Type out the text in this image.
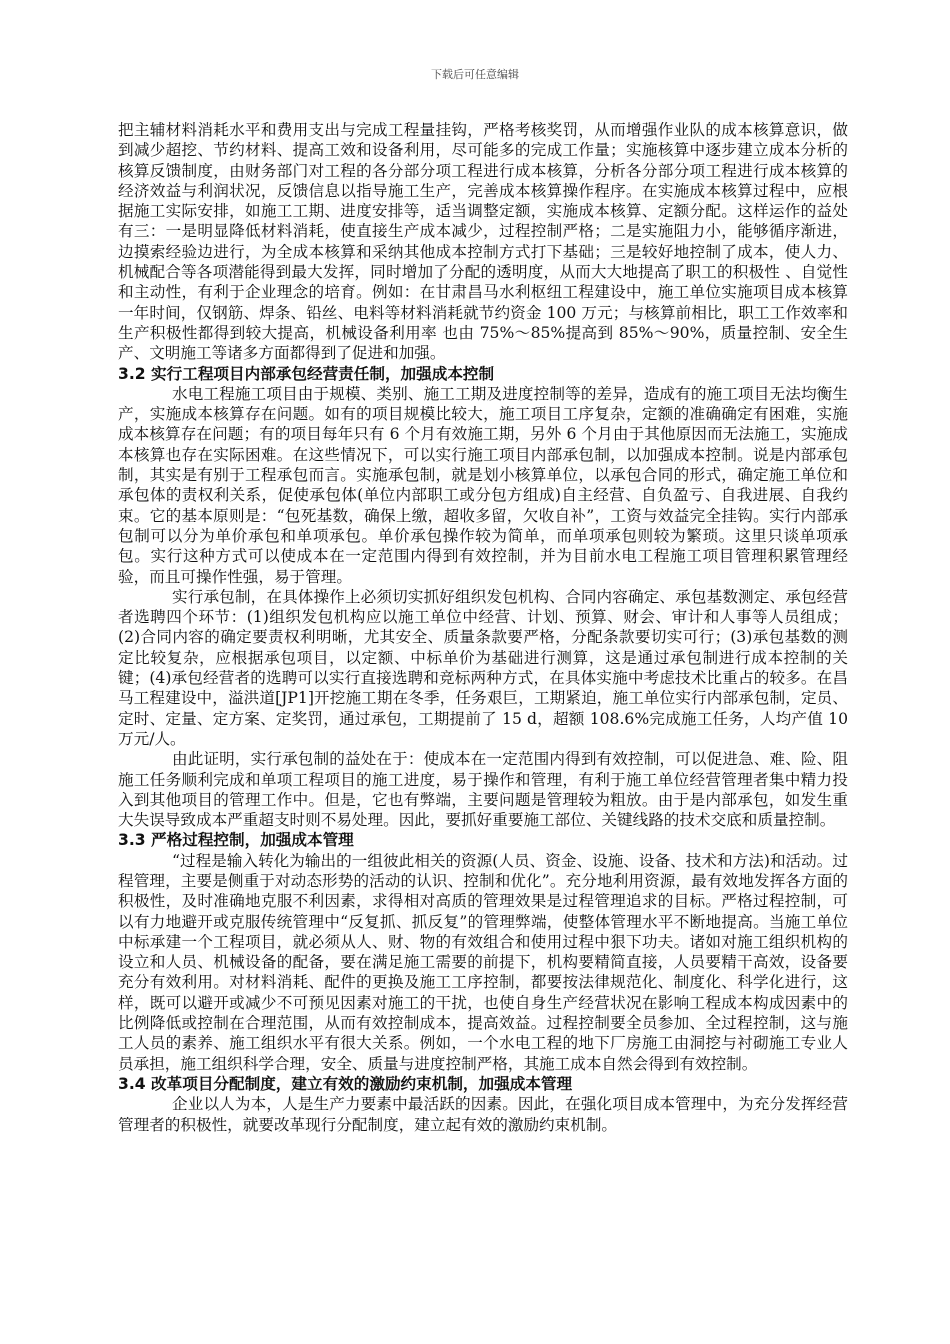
下载后可任意编辑

把主辅材料消耗水平和费用支出与完成工程量挂钩，严格考核奖罚，从而增强作业队的成本核算意识，做到减少超挖、节约材料、提高工效和设备利用，尽可能多的完成工作量；实施核算中逐步建立成本分析的核算反馈制度，由财务部门对工程的各分部分项工程进行成本核算，分析各分部分项工程进行成本核算的经济效益与利润状况，反馈信息以指导施工生产，完善成本核算操作程序。在实施成本核算过程中，应根据施工实际安排，如施工工期、进度安排等，适当调整定额，实施成本核算、定额分配。这样运作的益处有三：一是明显降低材料消耗，使直接生产成本减少，过程控制严格；二是实施阻力小，能够循序渐进，边摸索经验边进行，为全成本核算和采纳其他成本控制方式打下基础；三是较好地控制了成本，使人力、机械配合等各项潜能得到最大发挥，同时增加了分配的透明度，从而大大地提高了职工的积极性 、自觉性和主动性，有利于企业理念的培育。例如：在甘肃昌马水利枢纽工程建设中，施工单位实施项目成本核算一年时间，仅钢筋、焊条、铅丝、电料等材料消耗就节约资金 100 万元；与核算前相比，职工工作效率和生产积极性都得到较大提高，机械设备利用率 也由 75%～85%提高到 85%～90%，质量控制、安全生产、文明施工等诸多方面都得到了促进和加强。

3.2 实行工程项目内部承包经营责任制，加强成本控制

水电工程施工项目由于规模、类别、施工工期及进度控制等的差异，造成有的施工项目无法均衡生产，实施成本核算存在问题。如有的项目规模比较大，施工项目工序复杂，定额的准确确定有困难，实施成本核算存在问题；有的项目每年只有 6 个月有效施工期，另外 6 个月由于其他原因而无法施工，实施成本核算也存在实际困难。在这些情况下，可以实行施工项目内部承包制，以加强成本控制。说是内部承包制，其实是有别于工程承包而言。实施承包制，就是划小核算单位，以承包合同的形式，确定施工单位和承包体的责权利关系，促使承包体(单位内部职工或分包方组成)自主经营、自负盈亏、自我进展、自我约束。它的基本原则是：“包死基数，确保上缴，超收多留，欠收自补”，工资与效益完全挂钩。实行内部承包制可以分为单价承包和单项承包。单价承包操作较为简单，而单项承包则较为繁琐。这里只谈单项承包。实行这种方式可以使成本在一定范围内得到有效控制，并为目前水电工程施工项目管理积累管理经验，而且可操作性强，易于管理。

实行承包制，在具体操作上必须切实抓好组织发包机构、合同内容确定、承包基数测定、承包经营者选聘四个环节：(1)组织发包机构应以施工单位中经营、计划、预算、财会、审计和人事等人员组成；(2)合同内容的确定要责权利明晰，尤其安全、质量条款要严格，分配条款要切实可行；(3)承包基数的测定比较复杂，应根据承包项目，以定额、中标单价为基础进行测算，这是通过承包制进行成本控制的关键；(4)承包经营者的选聘可以实行直接选聘和竞标两种方式，在具体实施中考虑技术比重占的较多。在昌马工程建设中，溢洪道[JP1]开挖施工期在冬季，任务艰巨，工期紧迫，施工单位实行内部承包制，定员、定时、定量、定方案、定奖罚，通过承包，工期提前了 15 d，超额 108.6%完成施工任务，人均产值 10 万元/人。

由此证明，实行承包制的益处在于：使成本在一定范围内得到有效控制，可以促进急、难、险、阻施工任务顺利完成和单项工程项目的施工进度，易于操作和管理，有利于施工单位经营管理者集中精力投入到其他项目的管理工作中。但是，它也有弊端，主要问题是管理较为粗放。由于是内部承包，如发生重大失误导致成本严重超支时则不易处理。因此，要抓好重要施工部位、关键线路的技术交底和质量控制。

3.3 严格过程控制，加强成本管理

“过程是输入转化为输出的一组彼此相关的资源(人员、资金、设施、设备、技术和方法)和活动。过程管理，主要是侧重于对动态形势的活动的认识、控制和优化”。充分地利用资源，最有效地发挥各方面的积极性，及时准确地克服不利因素，求得相对高质的管理效果是过程管理追求的目标。严格过程控制，可以有力地避开或克服传统管理中“反复抓、抓反复”的管理弊端，使整体管理水平不断地提高。当施工单位中标承建一个工程项目，就必须从人、财、物的有效组合和使用过程中狠下功夫。诸如对施工组织机构的设立和人员、机械设备的配备，要在满足施工需要的前提下，机构要精简直接，人员要精干高效，设备要充分有效利用。对材料消耗、配件的更换及施工工序控制，都要按法律规范化、制度化、科学化进行，这样，既可以避开或减少不可预见因素对施工的干扰，也使自身生产经营状况在影响工程成本构成因素中的比例降低或控制在合理范围，从而有效控制成本，提高效益。过程控制要全员参加、全过程控制，这与施工人员的素养、施工组织水平有很大关系。例如，一个水电工程的地下厂房施工由洞挖与衬砌施工专业人员承担，施工组织科学合理，安全、质量与进度控制严格，其施工成本自然会得到有效控制。

3.4 改革项目分配制度，建立有效的激励约束机制，加强成本管理

企业以人为本，人是生产力要素中最活跃的因素。因此，在强化项目成本管理中，为充分发挥经营管理者的积极性，就要改革现行分配制度，建立起有效的激励约束机制。
